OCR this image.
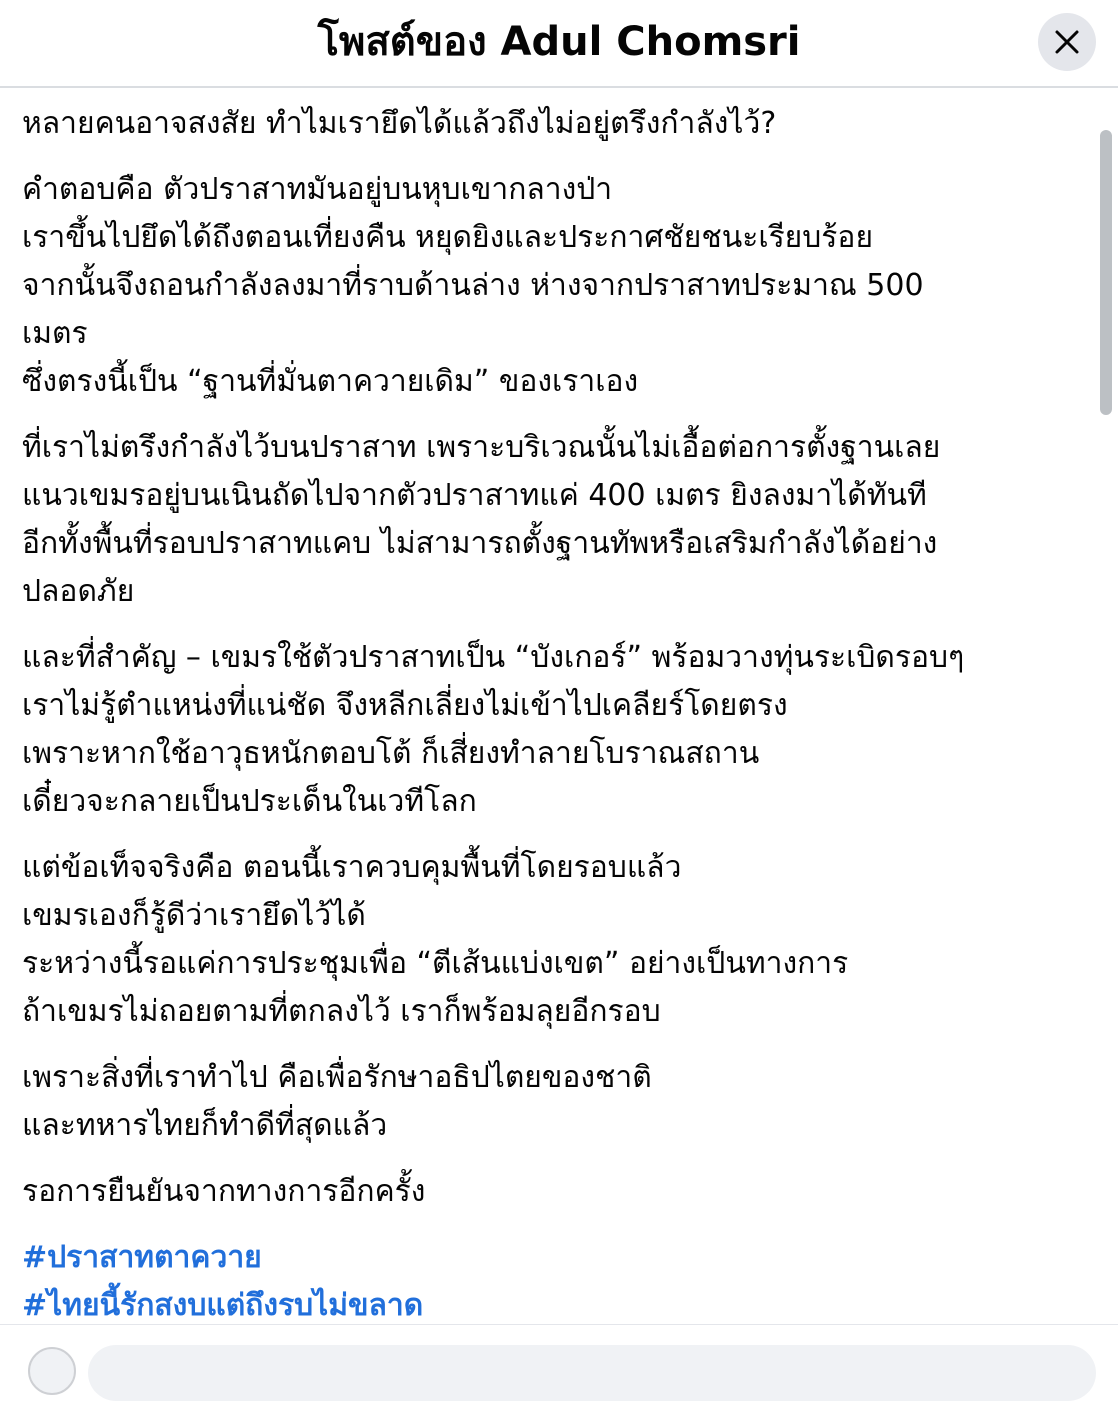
โพสต์ของ Adul Chomsri
หลายคนอาจสงสัย ทำไมเรายึดได้แล้วถึงไม่อยู่ตรึงกำลังไว้?
คำตอบคือ ตัวปราสาทมันอยู่บนหุบเขากลางป่า
เราขึ้นไปยึดได้ถึงตอนเที่ยงคืน หยุดยิงและประกาศชัยชนะเรียบร้อย
จากนั้นจึงถอนกำลังลงมาที่ราบด้านล่าง ห่างจากปราสาทประมาณ 500
เมตร
ซึ่งตรงนี้เป็น “ฐานที่มั่นตาควายเดิม” ของเราเอง
ที่เราไม่ตรึงกำลังไว้บนปราสาท เพราะบริเวณนั้นไม่เอื้อต่อการตั้งฐานเลย
แนวเขมรอยู่บนเนินถัดไปจากตัวปราสาทแค่ 400 เมตร ยิงลงมาได้ทันที
อีกทั้งพื้นที่รอบปราสาทแคบ ไม่สามารถตั้งฐานทัพหรือเสริมกำลังได้อย่าง
ปลอดภัย
และที่สำคัญ – เขมรใช้ตัวปราสาทเป็น “บังเกอร์” พร้อมวางทุ่นระเบิดรอบๆ
เราไม่รู้ตำแหน่งที่แน่ชัด จึงหลีกเลี่ยงไม่เข้าไปเคลียร์โดยตรง
เพราะหากใช้อาวุธหนักตอบโต้ ก็เสี่ยงทำลายโบราณสถาน
เดี๋ยวจะกลายเป็นประเด็นในเวทีโลก
แต่ข้อเท็จจริงคือ ตอนนี้เราควบคุมพื้นที่โดยรอบแล้ว
เขมรเองก็รู้ดีว่าเรายึดไว้ได้
ระหว่างนี้รอแค่การประชุมเพื่อ “ตีเส้นแบ่งเขต” อย่างเป็นทางการ
ถ้าเขมรไม่ถอยตามที่ตกลงไว้ เราก็พร้อมลุยอีกรอบ
เพราะสิ่งที่เราทำไป คือเพื่อรักษาอธิปไตยของชาติ
และทหารไทยก็ทำดีที่สุดแล้ว
รอการยืนยันจากทางการอีกครั้ง
#ปราสาทตาควาย
#ไทยนี้รักสงบแต่ถึงรบไม่ขลาด
